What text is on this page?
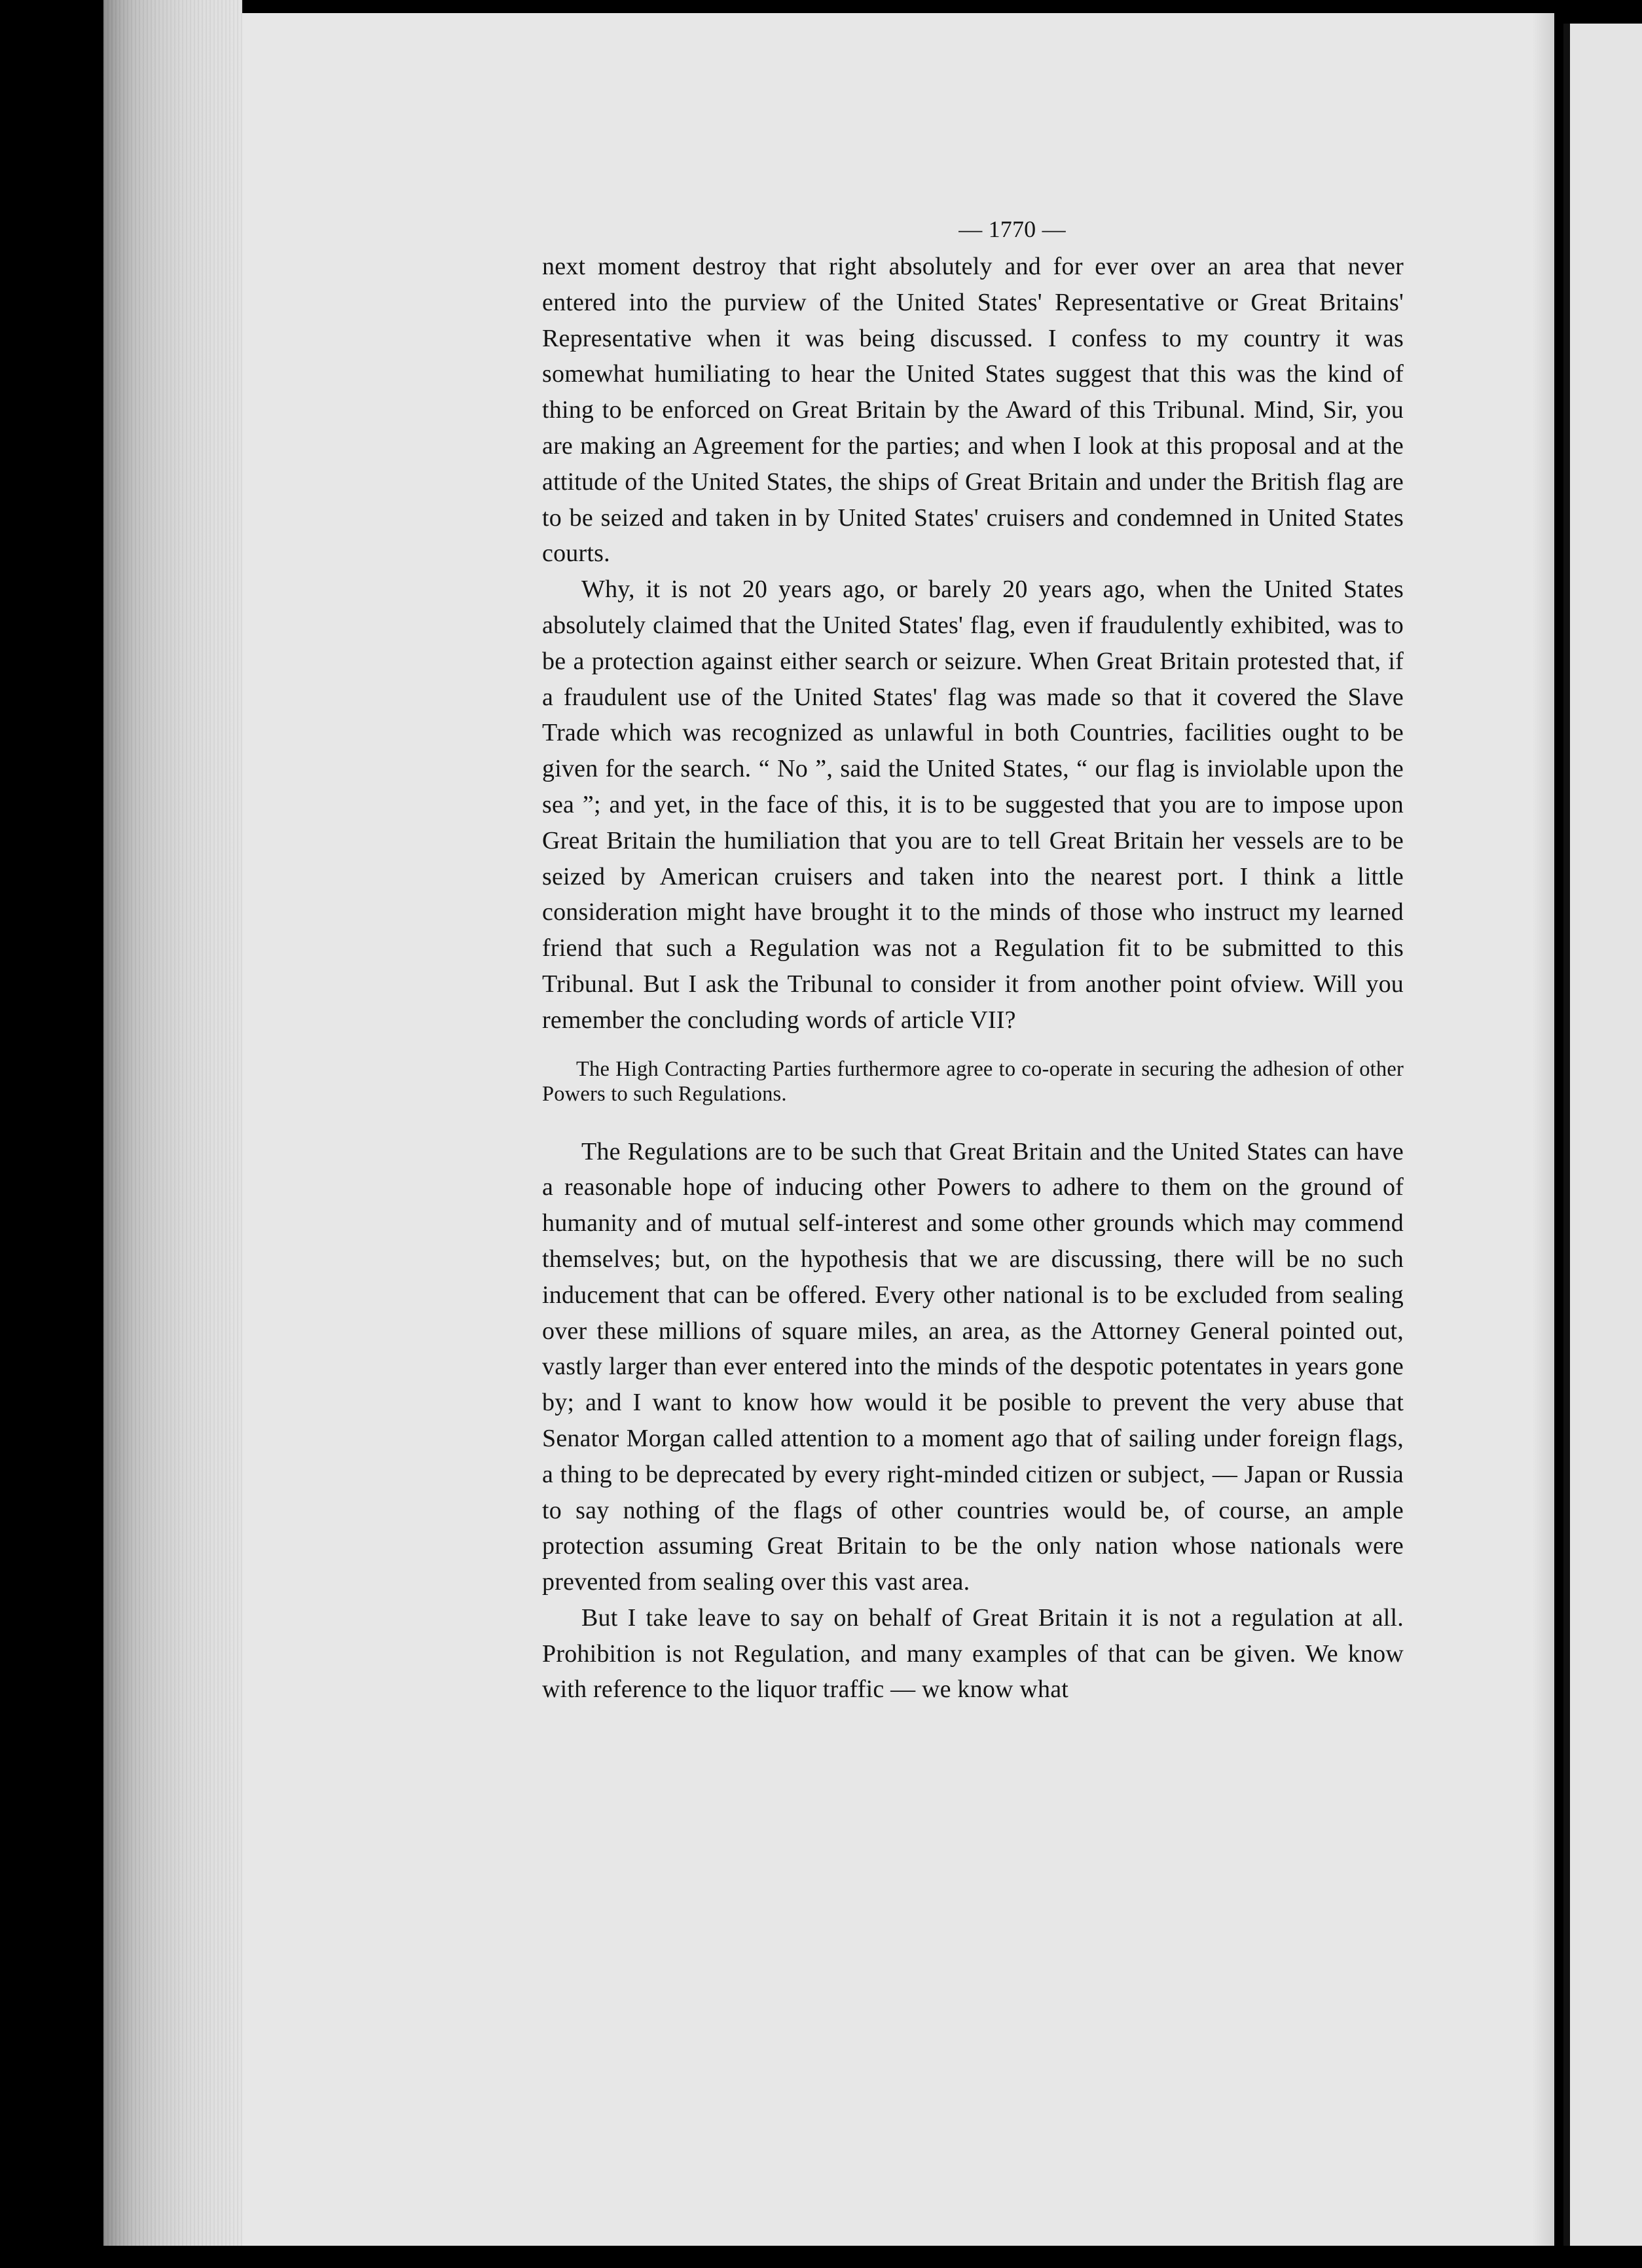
— 1770 —

next moment destroy that right absolutely and for ever over an area that never entered into the purview of the United States' Representative or Great Britains' Representative when it was being discussed. I confess to my country it was somewhat humiliating to hear the United States suggest that this was the kind of thing to be enforced on Great Britain by the Award of this Tribunal. Mind, Sir, you are making an Agreement for the parties; and when I look at this proposal and at the attitude of the United States, the ships of Great Britain and under the British flag are to be seized and taken in by United States' cruisers and condemned in United States courts.

Why, it is not 20 years ago, or barely 20 years ago, when the United States absolutely claimed that the United States' flag, even if fraudulently exhibited, was to be a protection against either search or seizure. When Great Britain protested that, if a fraudulent use of the United States' flag was made so that it covered the Slave Trade which was recognized as unlawful in both Countries, facilities ought to be given for the search. “ No ”, said the United States, “ our flag is inviolable upon the sea ”; and yet, in the face of this, it is to be suggested that you are to impose upon Great Britain the humiliation that you are to tell Great Britain her vessels are to be seized by American cruisers and taken into the nearest port. I think a little consideration might have brought it to the minds of those who instruct my learned friend that such a Regulation was not a Regulation fit to be submitted to this Tribunal. But I ask the Tribunal to consider it from another point ofview. Will you remember the concluding words of article VII?

The High Contracting Parties furthermore agree to co-operate in securing the adhesion of other Powers to such Regulations.

The Regulations are to be such that Great Britain and the United States can have a reasonable hope of inducing other Powers to adhere to them on the ground of humanity and of mutual self-interest and some other grounds which may commend themselves; but, on the hypothesis that we are discussing, there will be no such inducement that can be offered. Every other national is to be excluded from sealing over these millions of square miles, an area, as the Attorney General pointed out, vastly larger than ever entered into the minds of the despotic potentates in years gone by; and I want to know how would it be posible to prevent the very abuse that Senator Morgan called attention to a moment ago that of sailing under foreign flags, a thing to be deprecated by every right-minded citizen or subject, — Japan or Russia to say nothing of the flags of other countries would be, of course, an ample protection assuming Great Britain to be the only nation whose nationals were prevented from sealing over this vast area.

But I take leave to say on behalf of Great Britain it is not a regulation at all. Prohibition is not Regulation, and many examples of that can be given. We know with reference to the liquor traffic — we know what
